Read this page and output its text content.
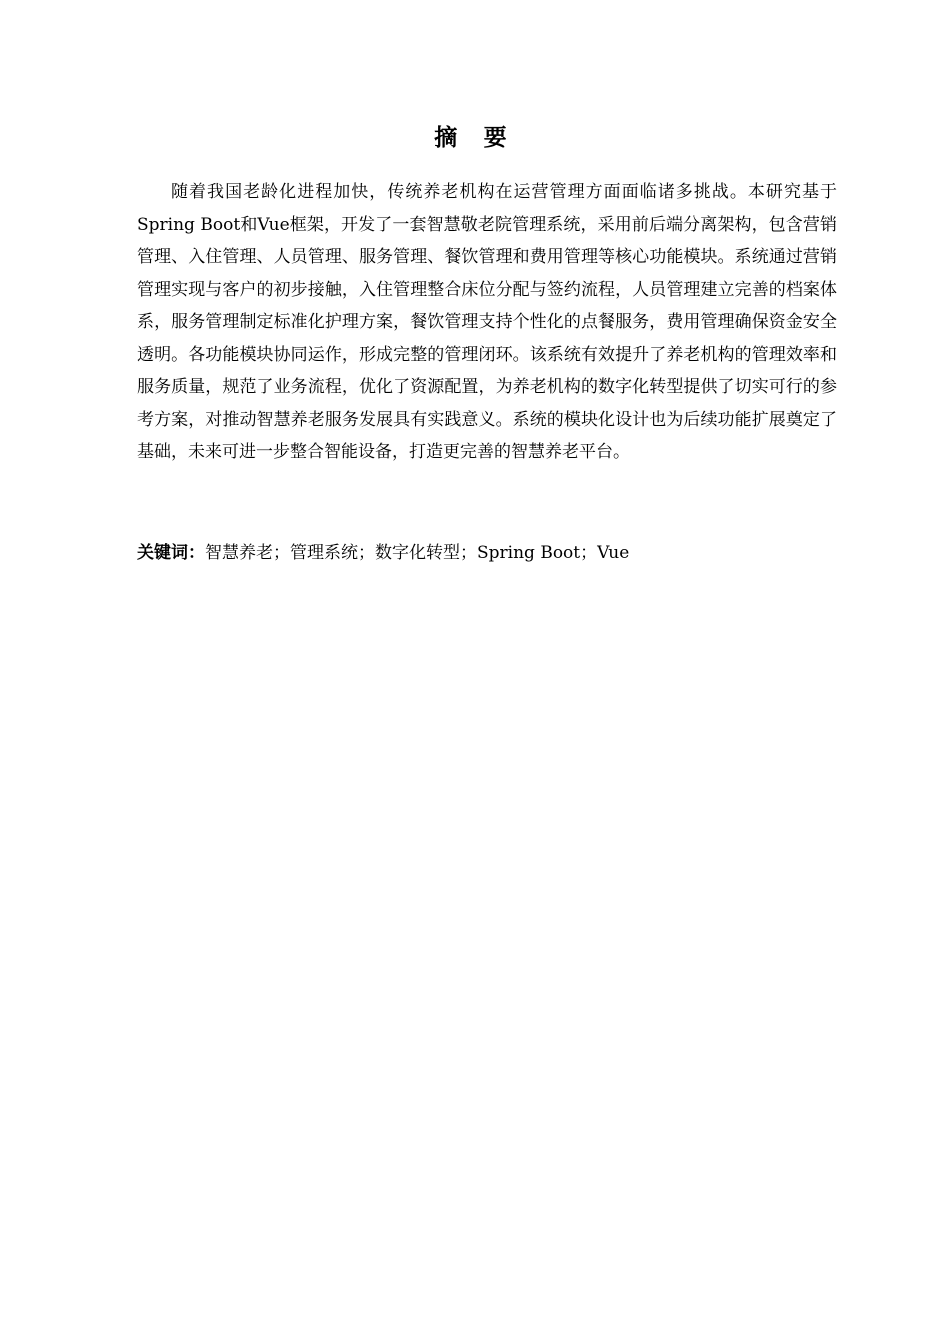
摘 要

随着我国老龄化进程加快，传统养老机构在运营管理方面面临诸多挑战。本研究基于Spring Boot和Vue框架，开发了一套智慧敬老院管理系统，采用前后端分离架构，包含营销管理、入住管理、人员管理、服务管理、餐饮管理和费用管理等核心功能模块。系统通过营销管理实现与客户的初步接触，入住管理整合床位分配与签约流程，人员管理建立完善的档案体系，服务管理制定标准化护理方案，餐饮管理支持个性化的点餐服务，费用管理确保资金安全透明。各功能模块协同运作，形成完整的管理闭环。该系统有效提升了养老机构的管理效率和服务质量，规范了业务流程，优化了资源配置，为养老机构的数字化转型提供了切实可行的参考方案，对推动智慧养老服务发展具有实践意义。系统的模块化设计也为后续功能扩展奠定了基础，未来可进一步整合智能设备，打造更完善的智慧养老平台。

关键词：智慧养老；管理系统；数字化转型；Spring Boot；Vue
